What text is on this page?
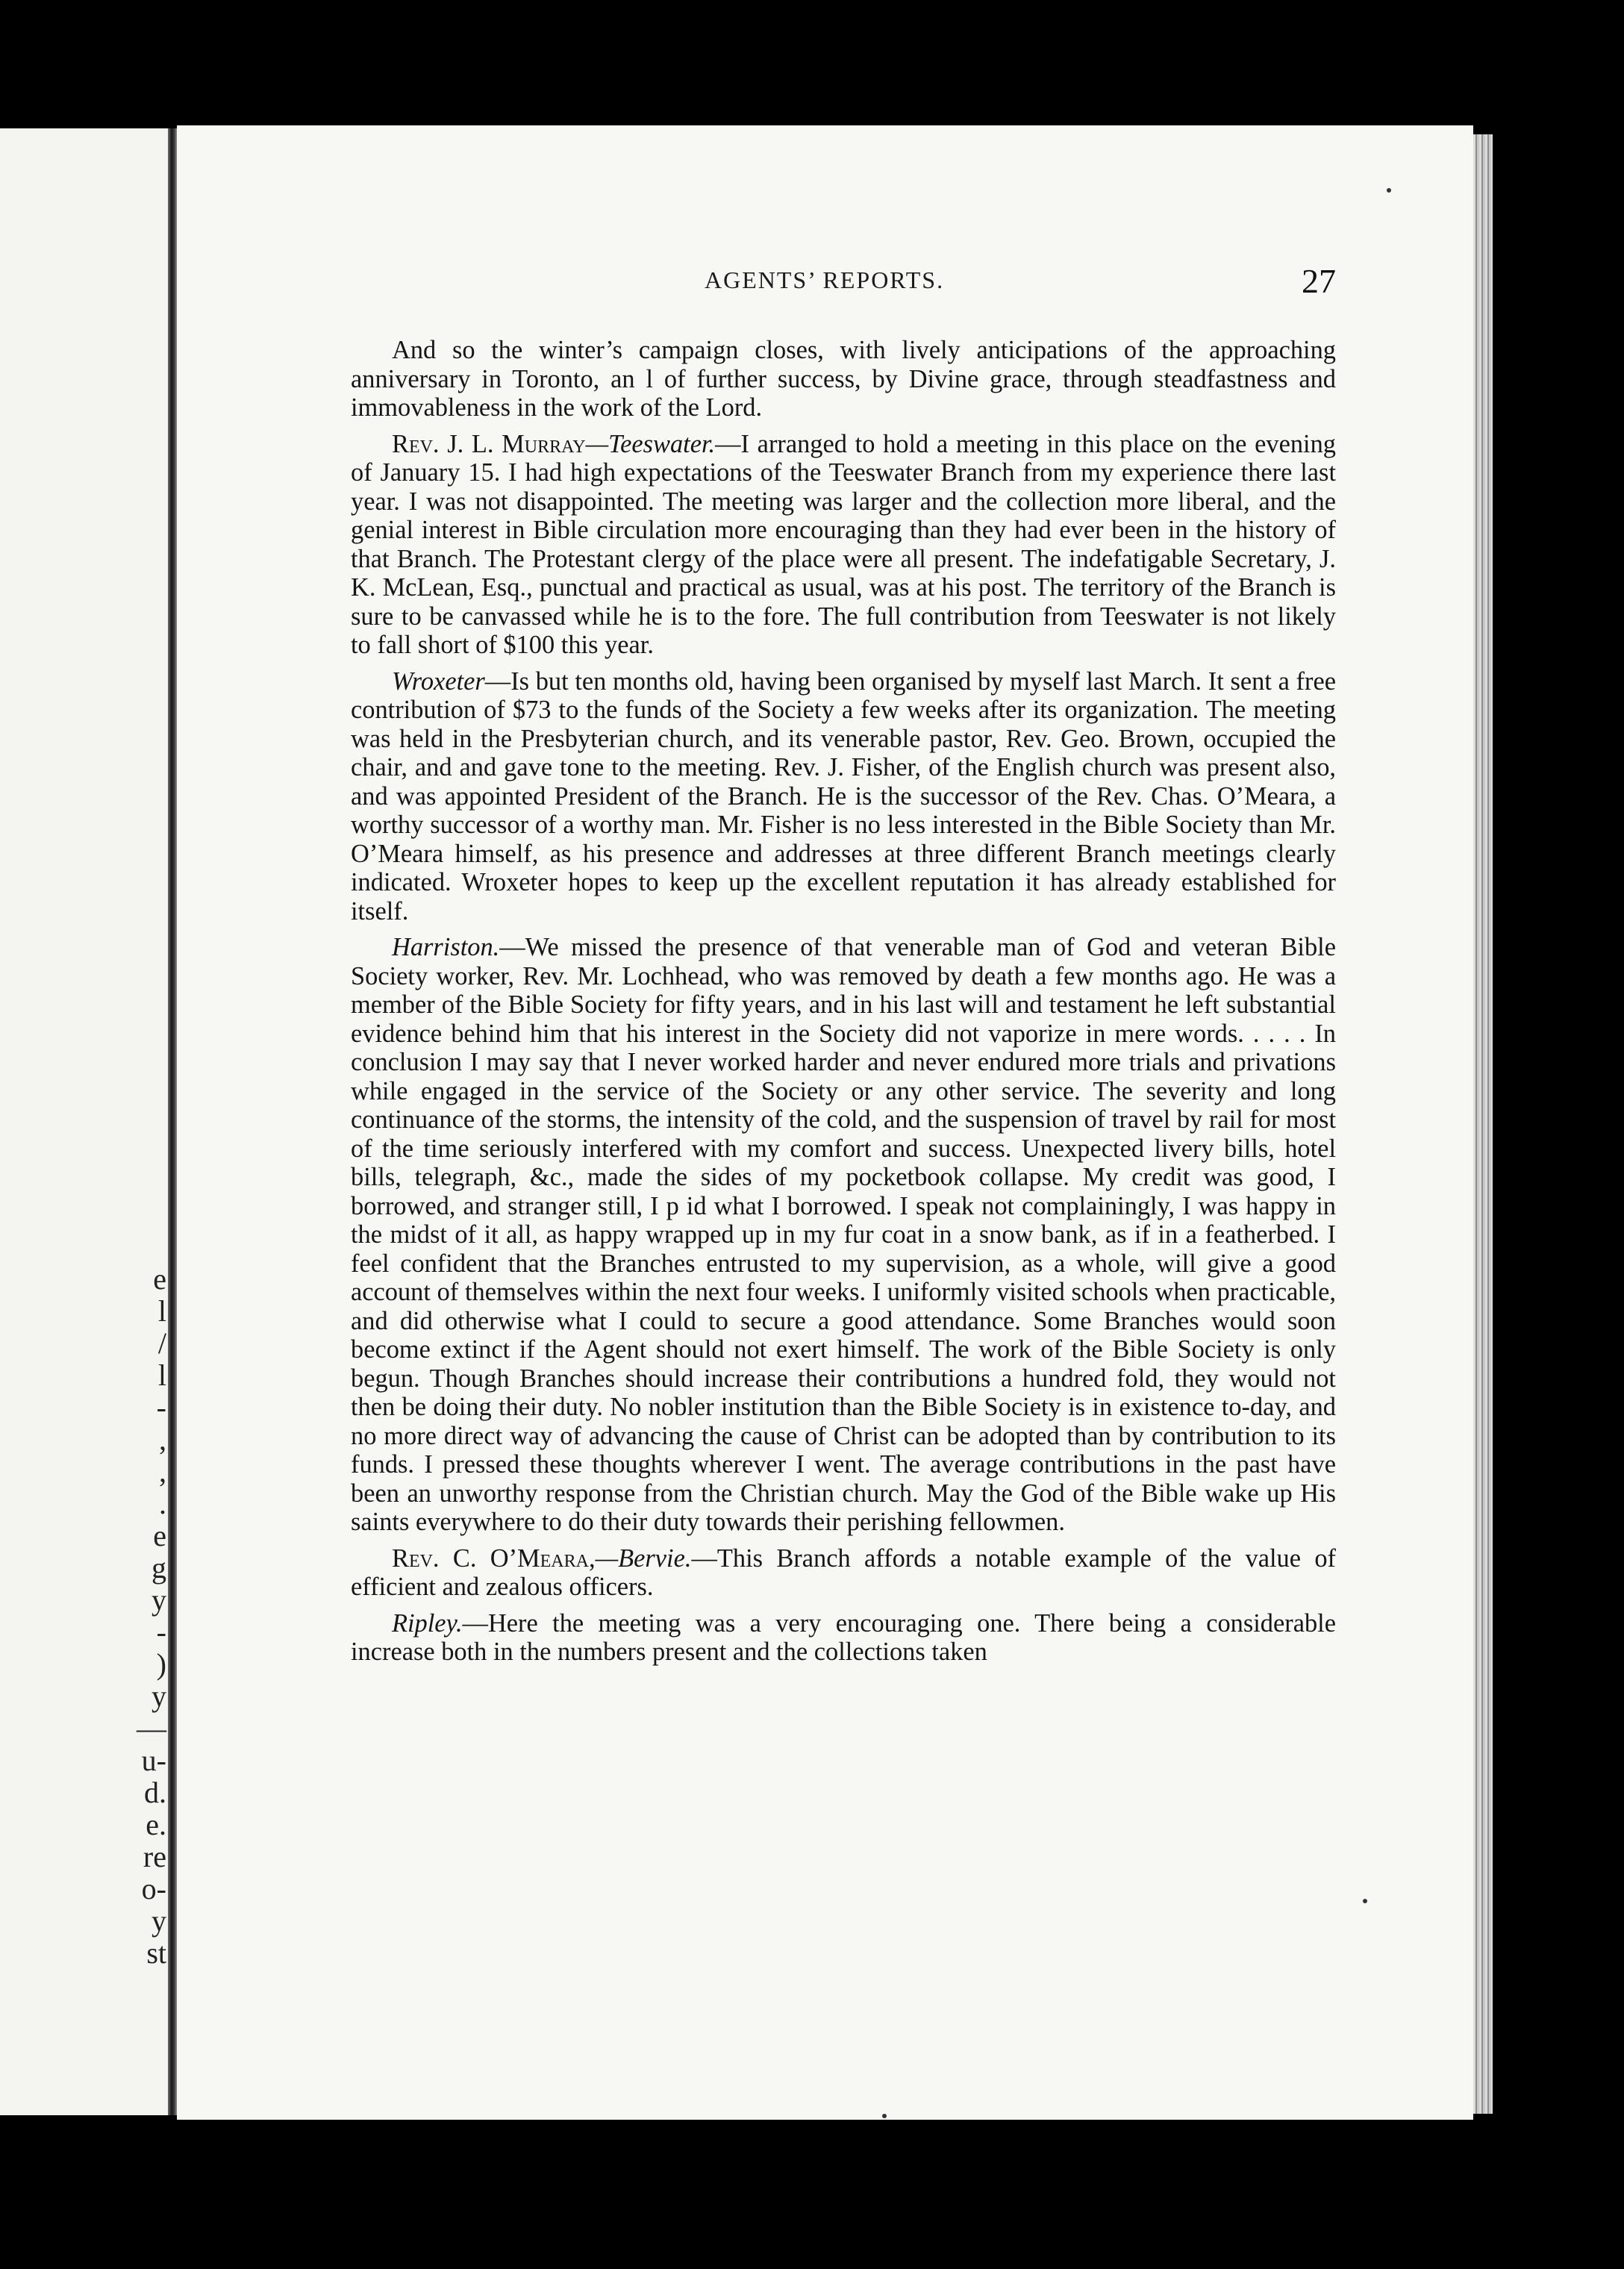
e
l
/
l
-
,
,
.
e
g
y
-
)
y
—
u-
d.
e.
re
o-
y
st
AGENTS’ REPORTS.	27

And so the winter’s campaign closes, with lively anticipations of the approaching anniversary in Toronto, an l of further success, by Divine grace, through steadfastness and immovableness in the work of the Lord.

Rev. J. L. Murray—Teeswater.—I arranged to hold a meeting in this place on the evening of January 15. I had high expectations of the Teeswater Branch from my experience there last year. I was not disappointed. The meeting was larger and the collection more liberal, and the genial interest in Bible circulation more encouraging than they had ever been in the history of that Branch. The Protestant clergy of the place were all present. The indefatigable Secretary, J. K. McLean, Esq., punctual and practical as usual, was at his post. The territory of the Branch is sure to be canvassed while he is to the fore. The full contribution from Teeswater is not likely to fall short of $100 this year.

Wroxeter—Is but ten months old, having been organised by myself last March. It sent a free contribution of $73 to the funds of the Society a few weeks after its organization. The meeting was held in the Presbyterian church, and its venerable pastor, Rev. Geo. Brown, occupied the chair, and and gave tone to the meeting. Rev. J. Fisher, of the English church was present also, and was appointed President of the Branch. He is the successor of the Rev. Chas. O’Meara, a worthy successor of a worthy man. Mr. Fisher is no less interested in the Bible Society than Mr. O’Meara himself, as his presence and addresses at three different Branch meetings clearly indicated. Wroxeter hopes to keep up the excellent reputation it has already established for itself.

Harriston.—We missed the presence of that venerable man of God and veteran Bible Society worker, Rev. Mr. Lochhead, who was removed by death a few months ago. He was a member of the Bible Society for fifty years, and in his last will and testament he left substantial evidence behind him that his interest in the Society did not vaporize in mere words. . . . . In conclusion I may say that I never worked harder and never endured more trials and privations while engaged in the service of the Society or any other service. The severity and long continuance of the storms, the intensity of the cold, and the suspension of travel by rail for most of the time seriously interfered with my comfort and success. Unexpected livery bills, hotel bills, telegraph, &c., made the sides of my pocketbook collapse. My credit was good, I borrowed, and stranger still, I p id what I borrowed. I speak not complainingly, I was happy in the midst of it all, as happy wrapped up in my fur coat in a snow bank, as if in a featherbed. I feel confident that the Branches entrusted to my supervision, as a whole, will give a good account of themselves within the next four weeks. I uniformly visited schools when practicable, and did otherwise what I could to secure a good attendance. Some Branches would soon become extinct if the Agent should not exert himself. The work of the Bible Society is only begun. Though Branches should increase their contributions a hundred fold, they would not then be doing their duty. No nobler institution than the Bible Society is in existence to-day, and no more direct way of advancing the cause of Christ can be adopted than by contribution to its funds. I pressed these thoughts wherever I went. The average contributions in the past have been an unworthy response from the Christian church. May the God of the Bible wake up His saints everywhere to do their duty towards their perishing fellowmen.

Rev. C. O’Meara,—Bervie.—This Branch affords a notable example of the value of efficient and zealous officers.

Ripley.—Here the meeting was a very encouraging one. There being a considerable increase both in the numbers present and the collections taken
